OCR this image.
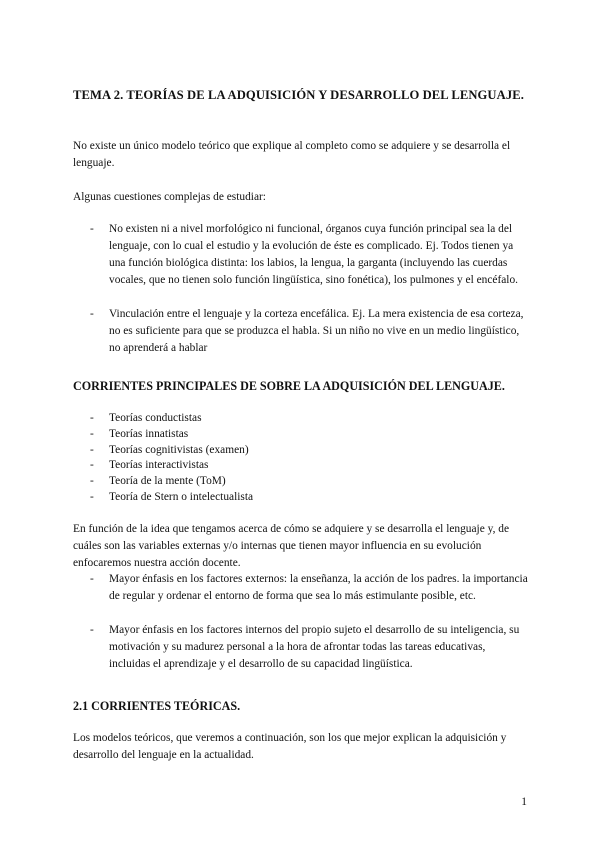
TEMA 2. TEORÍAS DE LA ADQUISICIÓN Y DESARROLLO DEL LENGUAJE.
No existe un único modelo teórico que explique al completo como se adquiere y se desarrolla el lenguaje.
Algunas cuestiones complejas de estudiar:
- No existen ni a nivel morfológico ni funcional, órganos cuya función principal sea la del lenguaje, con lo cual el estudio y la evolución de éste es complicado. Ej. Todos tienen ya una función biológica distinta: los labios, la lengua, la garganta (incluyendo las cuerdas vocales, que no tienen solo función lingüística, sino fonética), los pulmones y el encéfalo.
- Vinculación entre el lenguaje y la corteza encefálica. Ej. La mera existencia de esa corteza, no es suficiente para que se produzca el habla. Si un niño no vive en un medio lingüístico, no aprenderá a hablar
CORRIENTES PRINCIPALES DE SOBRE LA ADQUISICIÓN DEL LENGUAJE.
- Teorías conductistas
- Teorías innatistas
- Teorías cognitivistas (examen)
- Teorías interactivistas
- Teoría de la mente (ToM)
- Teoría de Stern o intelectualista
En función de la idea que tengamos acerca de cómo se adquiere y se desarrolla el lenguaje y, de cuáles son las variables externas y/o internas que tienen mayor influencia en su evolución enfocaremos nuestra acción docente.
- Mayor énfasis en los factores externos: la enseñanza, la acción de los padres. la importancia de regular y ordenar el entorno de forma que sea lo más estimulante posible, etc.
- Mayor énfasis en los factores internos del propio sujeto el desarrollo de su inteligencia, su motivación y su madurez personal a la hora de afrontar todas las tareas educativas, incluidas el aprendizaje y el desarrollo de su capacidad lingüística.
2.1 CORRIENTES TEÓRICAS.
Los modelos teóricos, que veremos a continuación, son los que mejor explican la adquisición y desarrollo del lenguaje en la actualidad.
1
